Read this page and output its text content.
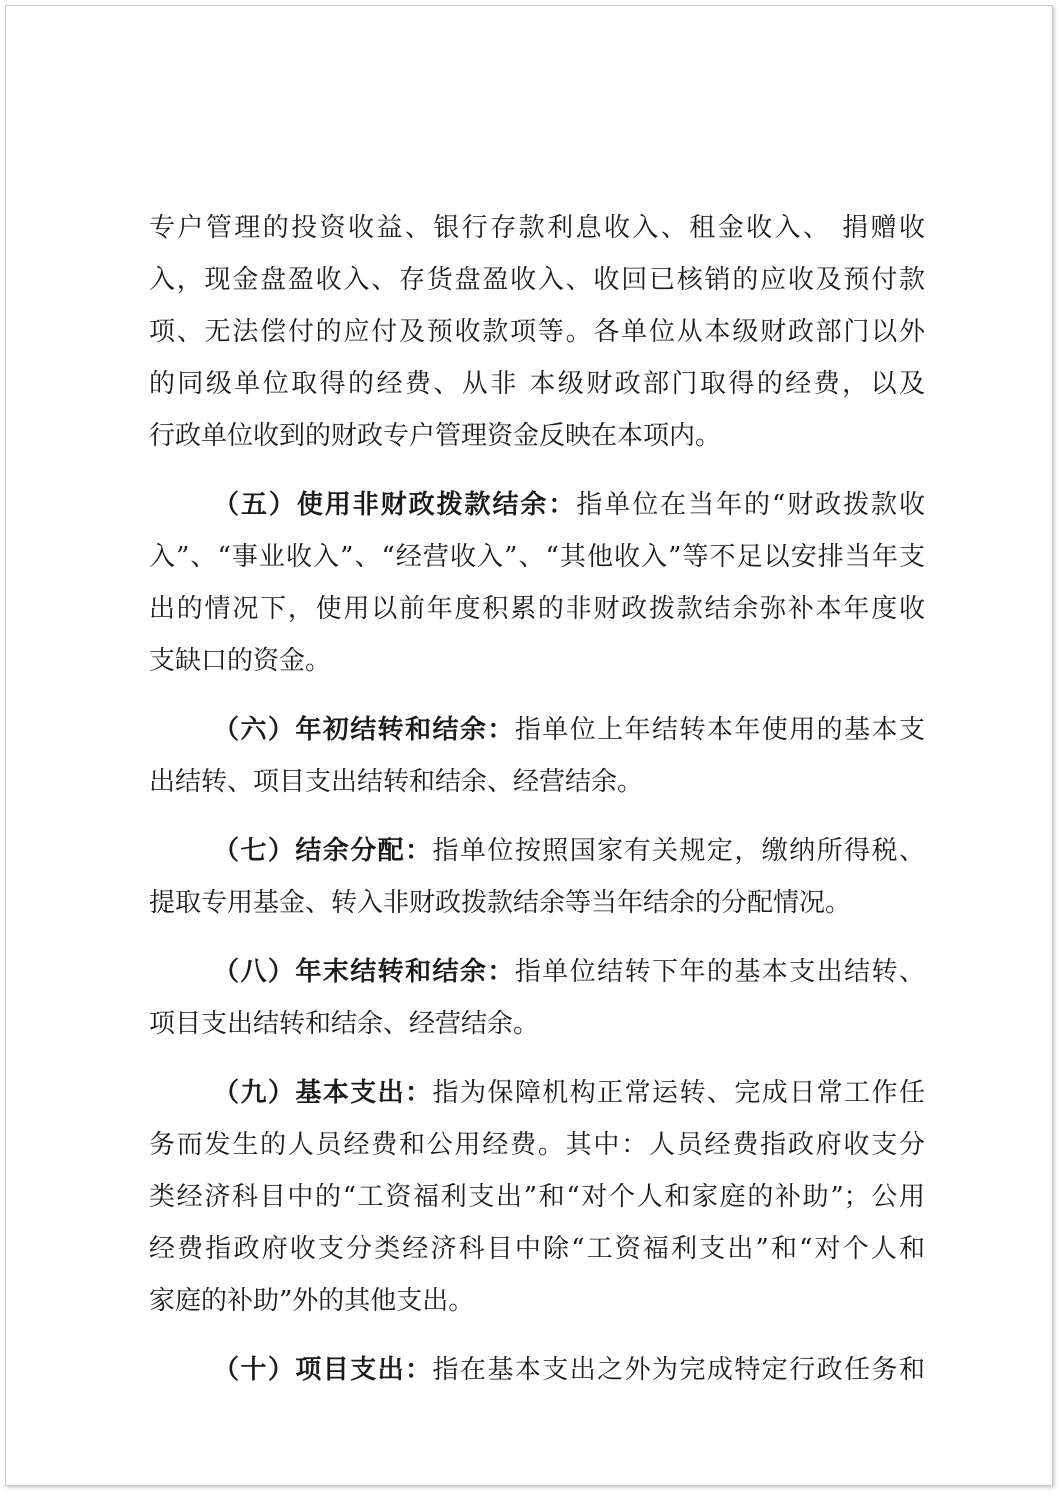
专户管理的投资收益、银行存款利息收入、租金收入、 捐赠收
入，现金盘盈收入、存货盘盈收入、收回已核销的应收及预付款
项、无法偿付的应付及预收款项等。各单位从本级财政部门以外
的同级单位取得的经费、从非 本级财政部门取得的经费，以及
行政单位收到的财政专户管理资金反映在本项内。
（五）使用非财政拨款结余：指单位在当年的“财政拨款收
入”、“事业收入”、“经营收入”、“其他收入”等不足以安排当年支
出的情况下，使用以前年度积累的非财政拨款结余弥补本年度收
支缺口的资金。
（六）年初结转和结余：指单位上年结转本年使用的基本支
出结转、项目支出结转和结余、经营结余。
（七）结余分配：指单位按照国家有关规定，缴纳所得税、
提取专用基金、转入非财政拨款结余等当年结余的分配情况。
（八）年末结转和结余：指单位结转下年的基本支出结转、
项目支出结转和结余、经营结余。
（九）基本支出：指为保障机构正常运转、完成日常工作任
务而发生的人员经费和公用经费。其中：人员经费指政府收支分
类经济科目中的“工资福利支出”和“对个人和家庭的补助”；公用
经费指政府收支分类经济科目中除“工资福利支出”和“对个人和
家庭的补助”外的其他支出。
（十）项目支出：指在基本支出之外为完成特定行政任务和
